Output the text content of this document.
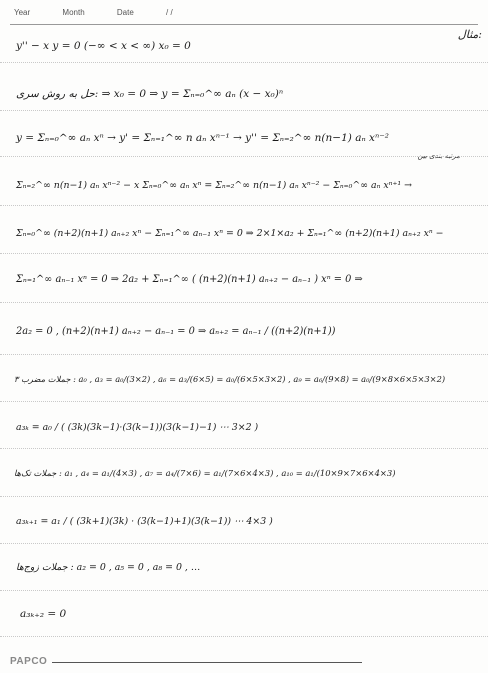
Year	Month	Date	/ /
مثال:
مرتبه بندی بین
y'' − x y = 0 (−∞ < x < ∞) x₀ = 0
حل به روش سری: ⇒ x₀ = 0 ⇒ y = Σₙ₌₀^∞ aₙ (x − x₀)ⁿ
y = Σₙ₌₀^∞ aₙ xⁿ → y' = Σₙ₌₁^∞ n aₙ xⁿ⁻¹ → y'' = Σₙ₌₂^∞ n(n−1) aₙ xⁿ⁻²
Σₙ₌₂^∞ n(n−1) aₙ xⁿ⁻² − x Σₙ₌₀^∞ aₙ xⁿ = Σₙ₌₂^∞ n(n−1) aₙ xⁿ⁻² − Σₙ₌₀^∞ aₙ xⁿ⁺¹ →
Σₙ₌₀^∞ (n+2)(n+1) aₙ₊₂ xⁿ − Σₙ₌₁^∞ aₙ₋₁ xⁿ = 0 ⇒ 2×1×a₂ + Σₙ₌₁^∞ (n+2)(n+1) aₙ₊₂ xⁿ −
Σₙ₌₁^∞ aₙ₋₁ xⁿ = 0 ⇒ 2a₂ + Σₙ₌₁^∞ ( (n+2)(n+1) aₙ₊₂ − aₙ₋₁ ) xⁿ = 0 ⇒
2a₂ = 0 , (n+2)(n+1) aₙ₊₂ − aₙ₋₁ = 0 ⇒ aₙ₊₂ = aₙ₋₁ / ((n+2)(n+1))
جملات مضرب ۳ : a₀ , a₃ = a₀/(3×2) , a₆ = a₃/(6×5) = a₀/(6×5×3×2) , a₉ = a₆/(9×8) = a₀/(9×8×6×5×3×2)
a₃ₖ = a₀ / ( (3k)(3k−1)·(3(k−1))(3(k−1)−1) ⋯ 3×2 )
جملات تک‌ها : a₁ , a₄ = a₁/(4×3) , a₇ = a₄/(7×6) = a₁/(7×6×4×3) , a₁₀ = a₁/(10×9×7×6×4×3)
a₃ₖ₊₁ = a₁ / ( (3k+1)(3k) · (3(k−1)+1)(3(k−1)) ⋯ 4×3 )
جملات زوج‌ها : a₂ = 0 , a₅ = 0 , a₈ = 0 , …
a₃ₖ₊₂ = 0
PAPCO
